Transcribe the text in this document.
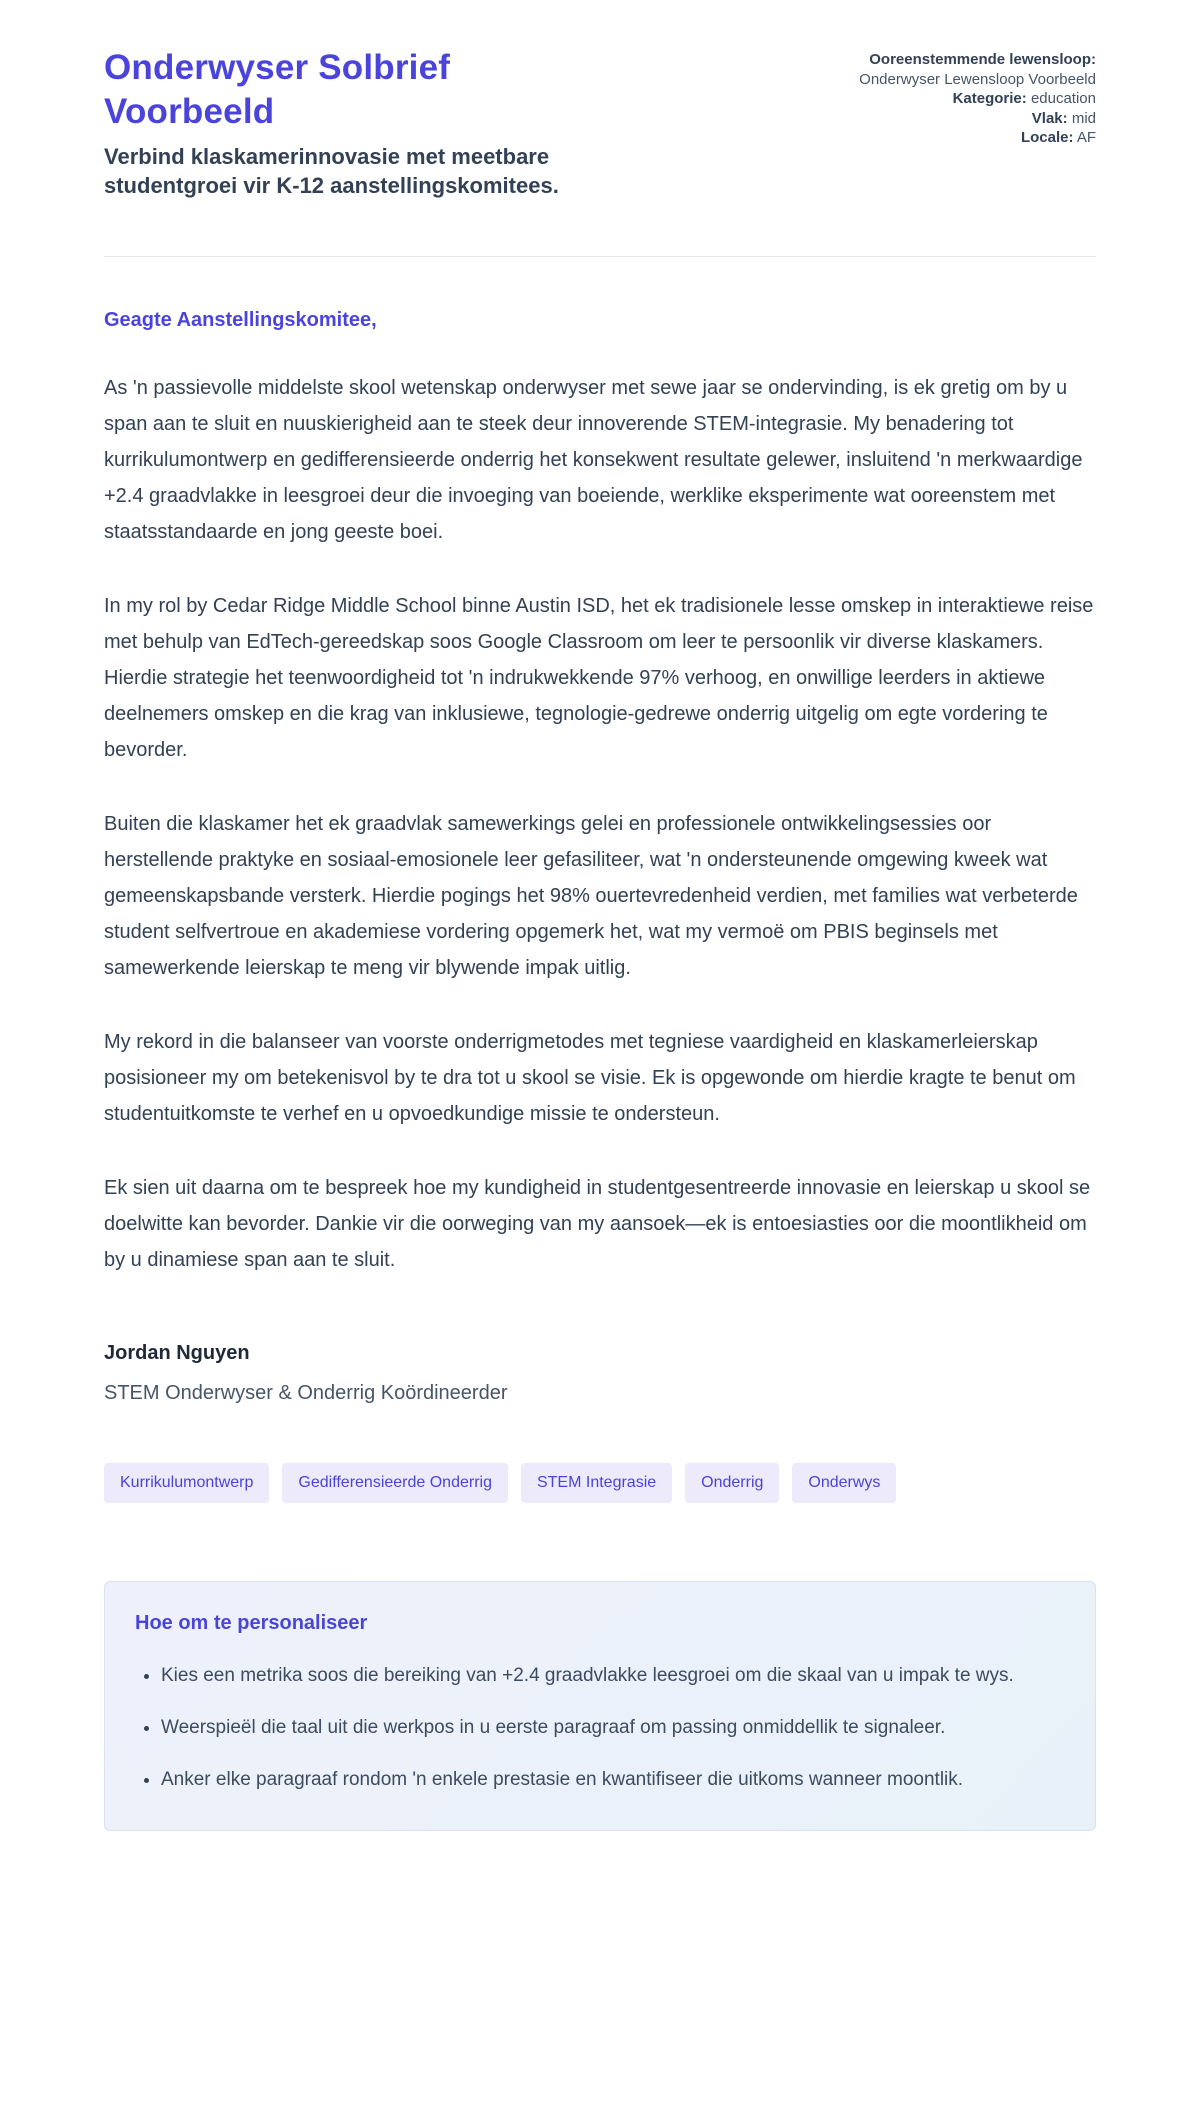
Onderwyser Solbrief Voorbeeld

Verbind klaskamerinnovasie met meetbare studentgroei vir K-12 aanstellingskomitees.

Ooreenstemmende lewensloop:
Onderwyser Lewensloop Voorbeeld
Kategorie: education
Vlak: mid
Locale: AF
Geagte Aanstellingskomitee,

As 'n passievolle middelste skool wetenskap onderwyser met sewe jaar se ondervinding, is ek gretig om by u span aan te sluit en nuuskierigheid aan te steek deur innoverende STEM-integrasie. My benadering tot kurrikulumontwerp en gedifferensieerde onderrig het konsekwent resultate gelewer, insluitend 'n merkwaardige +2.4 graadvlakke in leesgroei deur die invoeging van boeiende, werklike eksperimente wat ooreenstem met staatsstandaarde en jong geeste boei.

In my rol by Cedar Ridge Middle School binne Austin ISD, het ek tradisionele lesse omskep in interaktiewe reise met behulp van EdTech-gereedskap soos Google Classroom om leer te persoonlik vir diverse klaskamers. Hierdie strategie het teenwoordigheid tot 'n indrukwekkende 97% verhoog, en onwillige leerders in aktiewe deelnemers omskep en die krag van inklusiewe, tegnologie-gedrewe onderrig uitgelig om egte vordering te bevorder.

Buiten die klaskamer het ek graadvlak samewerkings gelei en professionele ontwikkelingsessies oor herstellende praktyke en sosiaal-emosionele leer gefasiliteer, wat 'n ondersteunende omgewing kweek wat gemeenskapsbande versterk. Hierdie pogings het 98% ouertevredenheid verdien, met families wat verbeterde student selfvertroue en akademiese vordering opgemerk het, wat my vermoë om PBIS beginsels met samewerkende leierskap te meng vir blywende impak uitlig.

My rekord in die balanseer van voorste onderrigmetodes met tegniese vaardigheid en klaskamerleierskap posisioneer my om betekenisvol by te dra tot u skool se visie. Ek is opgewonde om hierdie kragte te benut om studentuitkomste te verhef en u opvoedkundige missie te ondersteun.

Ek sien uit daarna om te bespreek hoe my kundigheid in studentgesentreerde innovasie en leierskap u skool se doelwitte kan bevorder. Dankie vir die oorweging van my aansoek—ek is entoesiasties oor die moontlikheid om by u dinamiese span aan te sluit.

Jordan Nguyen
STEM Onderwyser & Onderrig Koördineerder
Kurrikulumontwerp	Gedifferensieerde Onderrig	STEM Integrasie	Onderrig	Onderwys
Hoe om te personaliseer
• Kies een metrika soos die bereiking van +2.4 graadvlakke leesgroei om die skaal van u impak te wys.
• Weerspieël die taal uit die werkpos in u eerste paragraaf om passing onmiddellik te signaleer.
• Anker elke paragraaf rondom 'n enkele prestasie en kwantifiseer die uitkoms wanneer moontlik.
